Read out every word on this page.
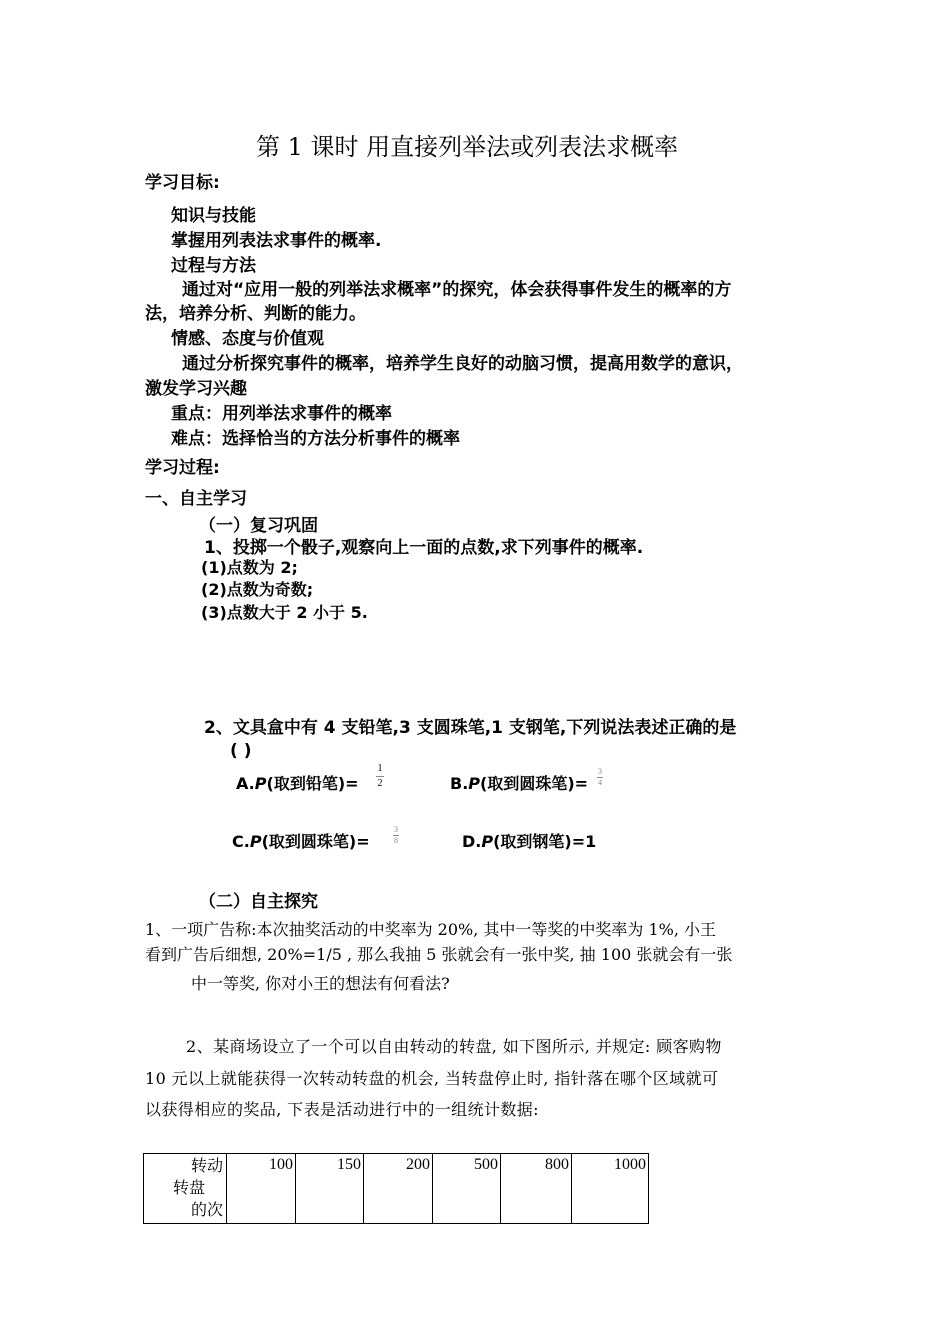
第 1 课时 用直接列举法或列表法求概率
学习目标:
知识与技能
掌握用列表法求事件的概率.
过程与方法
通过对“应用一般的列举法求概率”的探究，体会获得事件发生的概率的方
法，培养分析、判断的能力。
情感、态度与价值观
通过分析探究事件的概率，培养学生良好的动脑习惯，提高用数学的意识，
激发学习兴趣
重点：用列举法求事件的概率
难点：选择恰当的方法分析事件的概率
学习过程:
一、自主学习
（一）复习巩固
1、投掷一个骰子,观察向上一面的点数,求下列事件的概率.
(1)点数为 2;
(2)点数为奇数;
(3)点数大于 2 小于 5.
2、文具盒中有 4 支铅笔,3 支圆珠笔,1 支钢笔,下列说法表述正确的是
( )
A.P(取到铅笔)=
1
2	B.P(取到圆珠笔)=
3
4
C.P(取到圆珠笔)=
3
8	D.P(取到钢笔)=1
（二）自主探究
1、一项广告称:本次抽奖活动的中奖率为 20%, 其中一等奖的中奖率为 1%, 小王
看到广告后细想, 20%=1/5 , 那么我抽 5 张就会有一张中奖, 抽 100 张就会有一张
中一等奖, 你对小王的想法有何看法?
2、某商场设立了一个可以自由转动的转盘, 如下图所示, 并规定: 顾客购物
10 元以上就能获得一次转动转盘的机会, 当转盘停止时, 指针落在哪个区域就可
以获得相应的奖品, 下表是活动进行中的一组统计数据:
转动
转盘
的次
	100	150	200	500	800	1000
